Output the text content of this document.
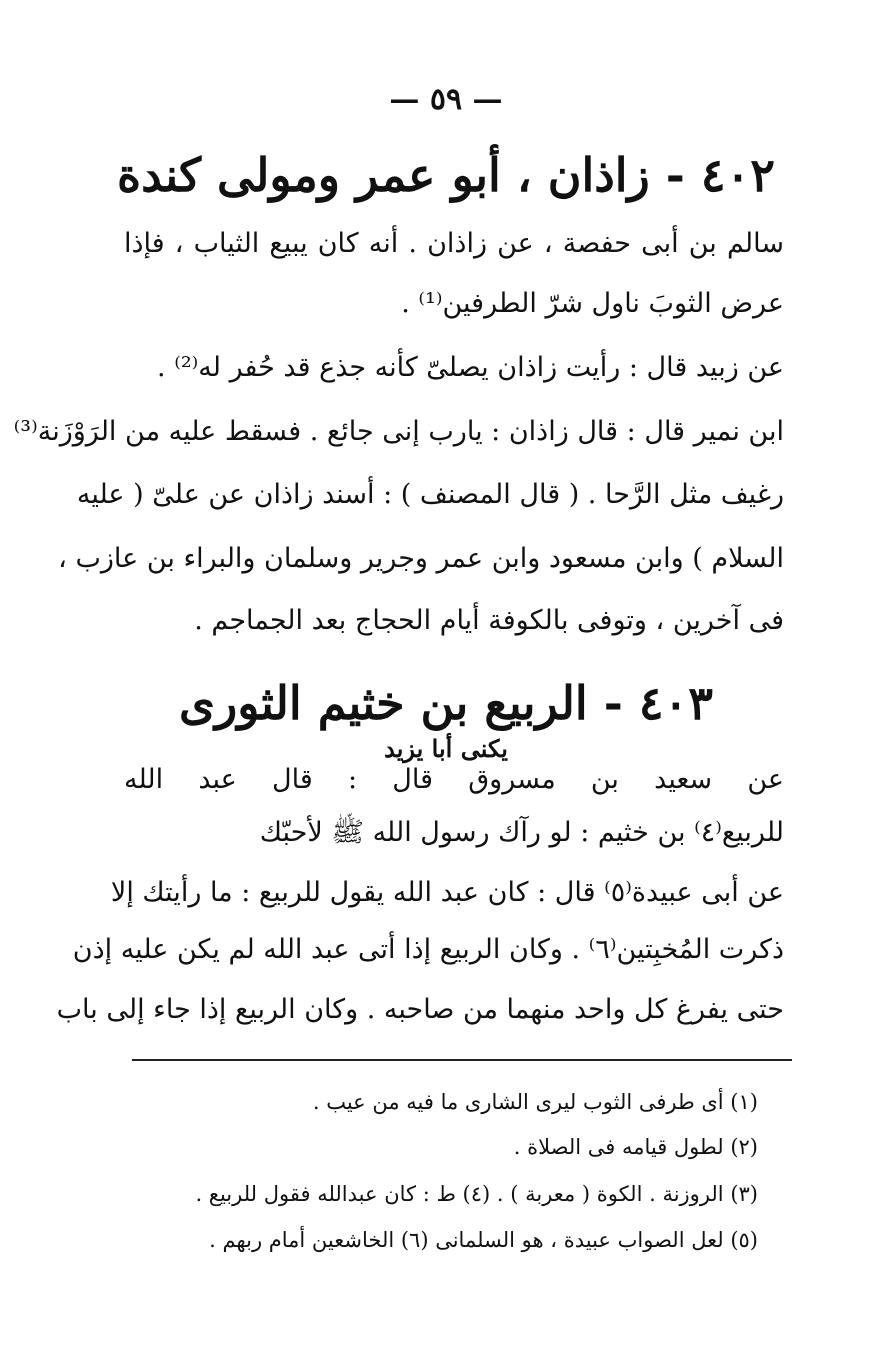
— ٥٩ —
٤٠٢ - زاذان ، أبو عمر ومولى كندة
سالم بن أبى حفصة ، عن زاذان . أنه كان يبيع الثياب ، فإذا
عرض الثوبَ ناول شرّ الطرفين⁽¹⁾ .
عن زبيد قال : رأيت زاذان يصلىّ كأنه جذع قد حُفر له⁽²⁾ .
ابن نمير قال : قال زاذان : يارب إنى جائع . فسقط عليه من الرَوْزَنة⁽³⁾
رغيف مثل الرَّحا . ( قال المصنف ) : أسند زاذان عن علىّ ( عليه
السلام ) وابن مسعود وابن عمر وجرير وسلمان والبراء بن عازب ،
فى آخرين ، وتوفى بالكوفة أيام الحجاج بعد الجماجم .
٤٠٣ - الربيع بن خثيم الثورى
يكنى أبا يزيد
عن سعيد بن مسروق قال : قال عبد الله
للربيع⁽٤⁾ بن خثيم : لو رآك رسول الله ﷺ لأحبّك
عن أبى عبيدة⁽٥⁾ قال : كان عبد الله يقول للربيع : ما رأيتك إلا
ذكرت المُخبِتين⁽٦⁾ . وكان الربيع إذا أتى عبد الله لم يكن عليه إذن
حتى يفرغ كل واحد منهما من صاحبه . وكان الربيع إذا جاء إلى باب
(١) أى طرفى الثوب ليرى الشارى ما فيه من عيب .
(٢) لطول قيامه فى الصلاة .
(٣) الروزنة . الكوة ( معربة ) . (٤) ط : كان عبدالله فقول للربيع .
(٥) لعل الصواب عبيدة ، هو السلمانى (٦) الخاشعين أمام ربهم .
